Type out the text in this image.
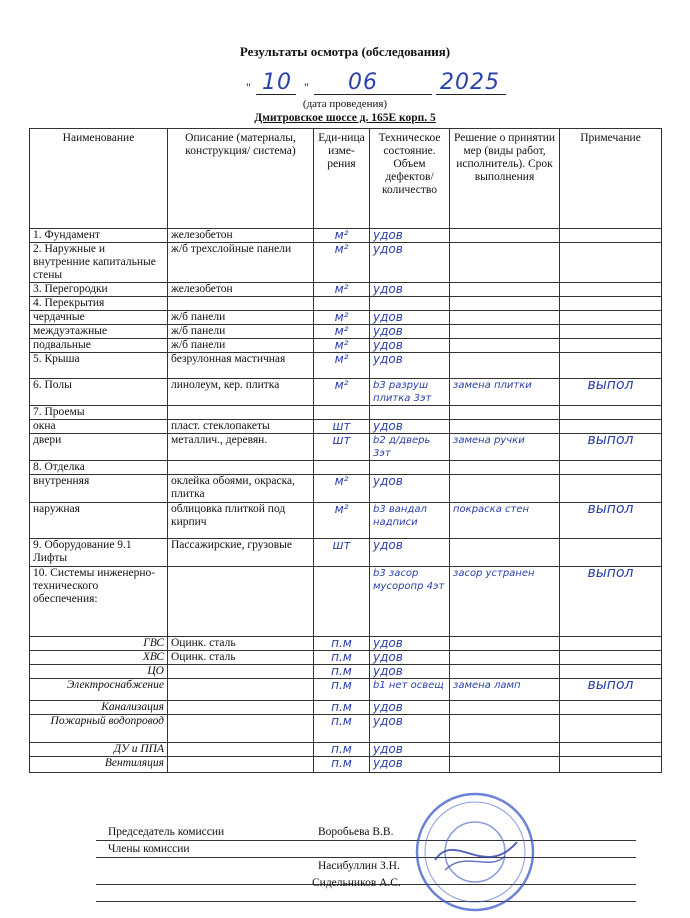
Результаты осмотра (обследования)
" 10 " 06	2025
(дата проведения)
Дмитровское шоссе д. 165Е корп. 5
Наименование	Описание (материалы, конструкция/ система)	Еди-ница изме-рения	Техническое состояние. Объем дефектов/ количество	Решение о принятии мер (виды работ, исполнитель). Срок выполнения	Примечание
1. Фундамент	железобетон	м²	удов		
2. Наружные и внутренние капитальные стены	ж/б трехслойные панели	м²	удов		
3. Перегородки	железобетон	м²	удов		
4. Перекрытия					
чердачные	ж/б панели	м²	удов		
междуэтажные	ж/б панели	м²	удов		
подвальные	ж/б панели	м²	удов		
5. Крыша	безрулонная мастичная	м²	удов		
6. Полы	линолеум, кер. плитка	м²	b3 разруш плитка 3эт	замена плитки	выпол
7. Проемы					
окна	пласт. стеклопакеты	шт	удов		
двери	металлич., деревян.	шт	b2 д/дверь 3эт	замена ручки	выпол
8. Отделка					
внутренняя	оклейка обоями, окраска, плитка	м²	удов		
наружная	облицовка плиткой под кирпич	м²	b3 вандал надписи	покраска стен	выпол
9. Оборудование 9.1 Лифты	Пассажирские, грузовые	шт	удов		
10. Системы инженерно-технического обеспечения:			b3 засор мусоропр 4эт	засор устранен	выпол
ГВС	Оцинк. сталь	п.м	удов		
ХВС	Оцинк. сталь	п.м	удов		
ЦО		п.м	удов		
Электроснабжение		п.м	b1 нет освещ	замена ламп	выпол
Канализация		п.м	удов		
Пожарный водопровод		п.м	удов		
ДУ и ППА		п.м	удов		
Вентиляция		п.м	удов		
Председатель комиссии	Воробьева В.В.
Члены комиссии
Насибуллин З.Н.
Сидельников А.С.
